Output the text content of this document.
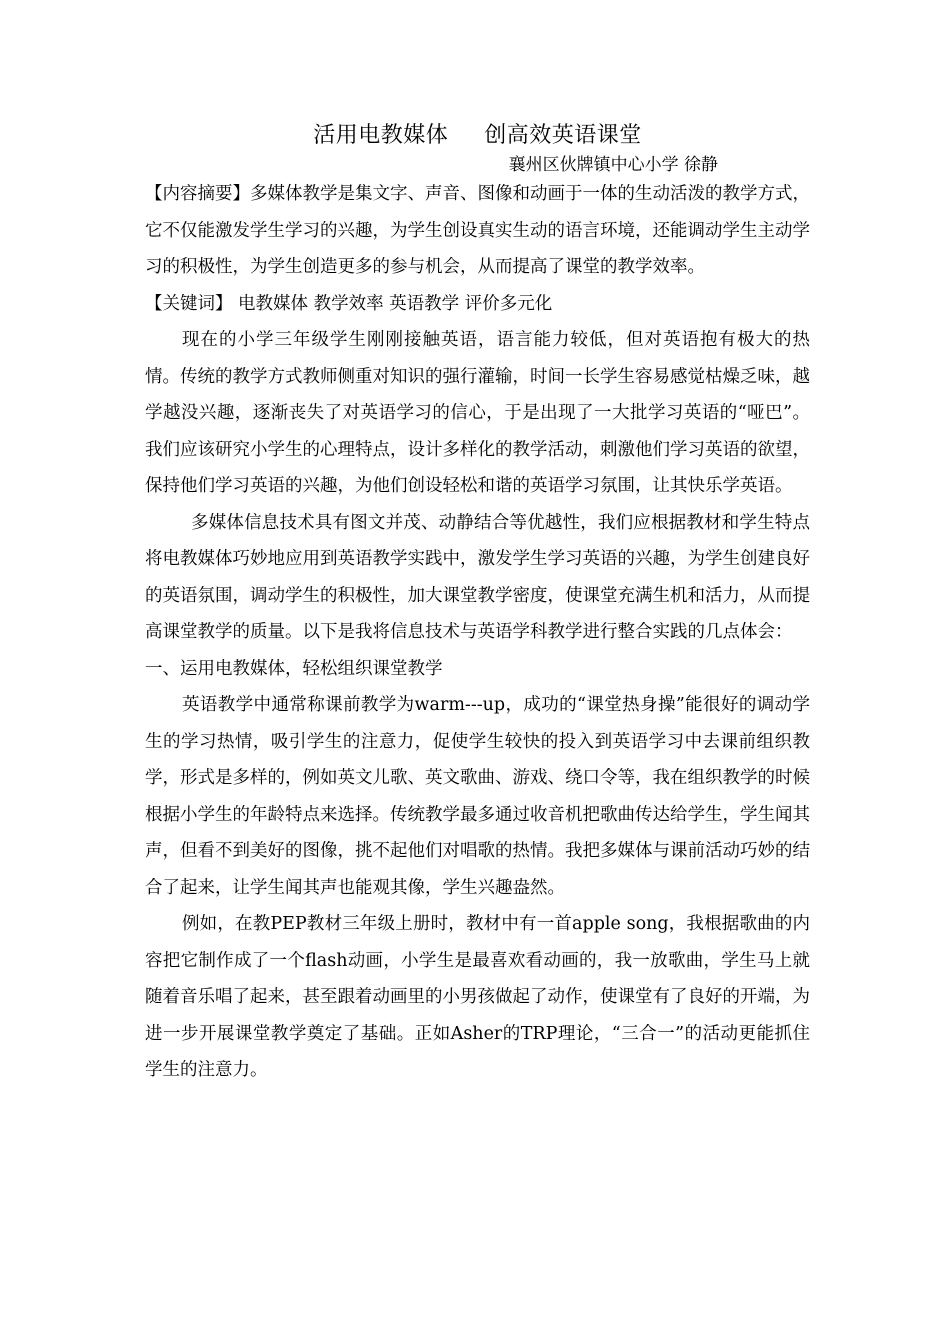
活用电教媒体 创高效英语课堂
襄州区伙牌镇中心小学 徐静

【内容摘要】多媒体教学是集文字、声音、图像和动画于一体的生动活泼的教学方式，它不仅能激发学生学习的兴趣，为学生创设真实生动的语言环境，还能调动学生主动学习的积极性，为学生创造更多的参与机会，从而提高了课堂的教学效率。

【关键词】 电教媒体 教学效率 英语教学 评价多元化

现在的小学三年级学生刚刚接触英语，语言能力较低，但对英语抱有极大的热情。传统的教学方式教师侧重对知识的强行灌输，时间一长学生容易感觉枯燥乏味，越学越没兴趣，逐渐丧失了对英语学习的信心，于是出现了一大批学习英语的“哑巴”。我们应该研究小学生的心理特点，设计多样化的教学活动，刺激他们学习英语的欲望，保持他们学习英语的兴趣，为他们创设轻松和谐的英语学习氛围，让其快乐学英语。

多媒体信息技术具有图文并茂、动静结合等优越性，我们应根据教材和学生特点将电教媒体巧妙地应用到英语教学实践中，激发学生学习英语的兴趣，为学生创建良好的英语氛围，调动学生的积极性，加大课堂教学密度，使课堂充满生机和活力，从而提高课堂教学的质量。以下是我将信息技术与英语学科教学进行整合实践的几点体会：

一、运用电教媒体，轻松组织课堂教学

英语教学中通常称课前教学为warm---up，成功的“课堂热身操”能很好的调动学生的学习热情，吸引学生的注意力，促使学生较快的投入到英语学习中去课前组织教学，形式是多样的，例如英文儿歌、英文歌曲、游戏、绕口令等，我在组织教学的时候根据小学生的年龄特点来选择。传统教学最多通过收音机把歌曲传达给学生，学生闻其声，但看不到美好的图像，挑不起他们对唱歌的热情。我把多媒体与课前活动巧妙的结合了起来，让学生闻其声也能观其像，学生兴趣盎然。

例如，在教PEP教材三年级上册时，教材中有一首apple song，我根据歌曲的内容把它制作成了一个flash动画，小学生是最喜欢看动画的，我一放歌曲，学生马上就随着音乐唱了起来，甚至跟着动画里的小男孩做起了动作，使课堂有了良好的开端，为进一步开展课堂教学奠定了基础。正如Asher的TRP理论，“三合一”的活动更能抓住学生的注意力。
